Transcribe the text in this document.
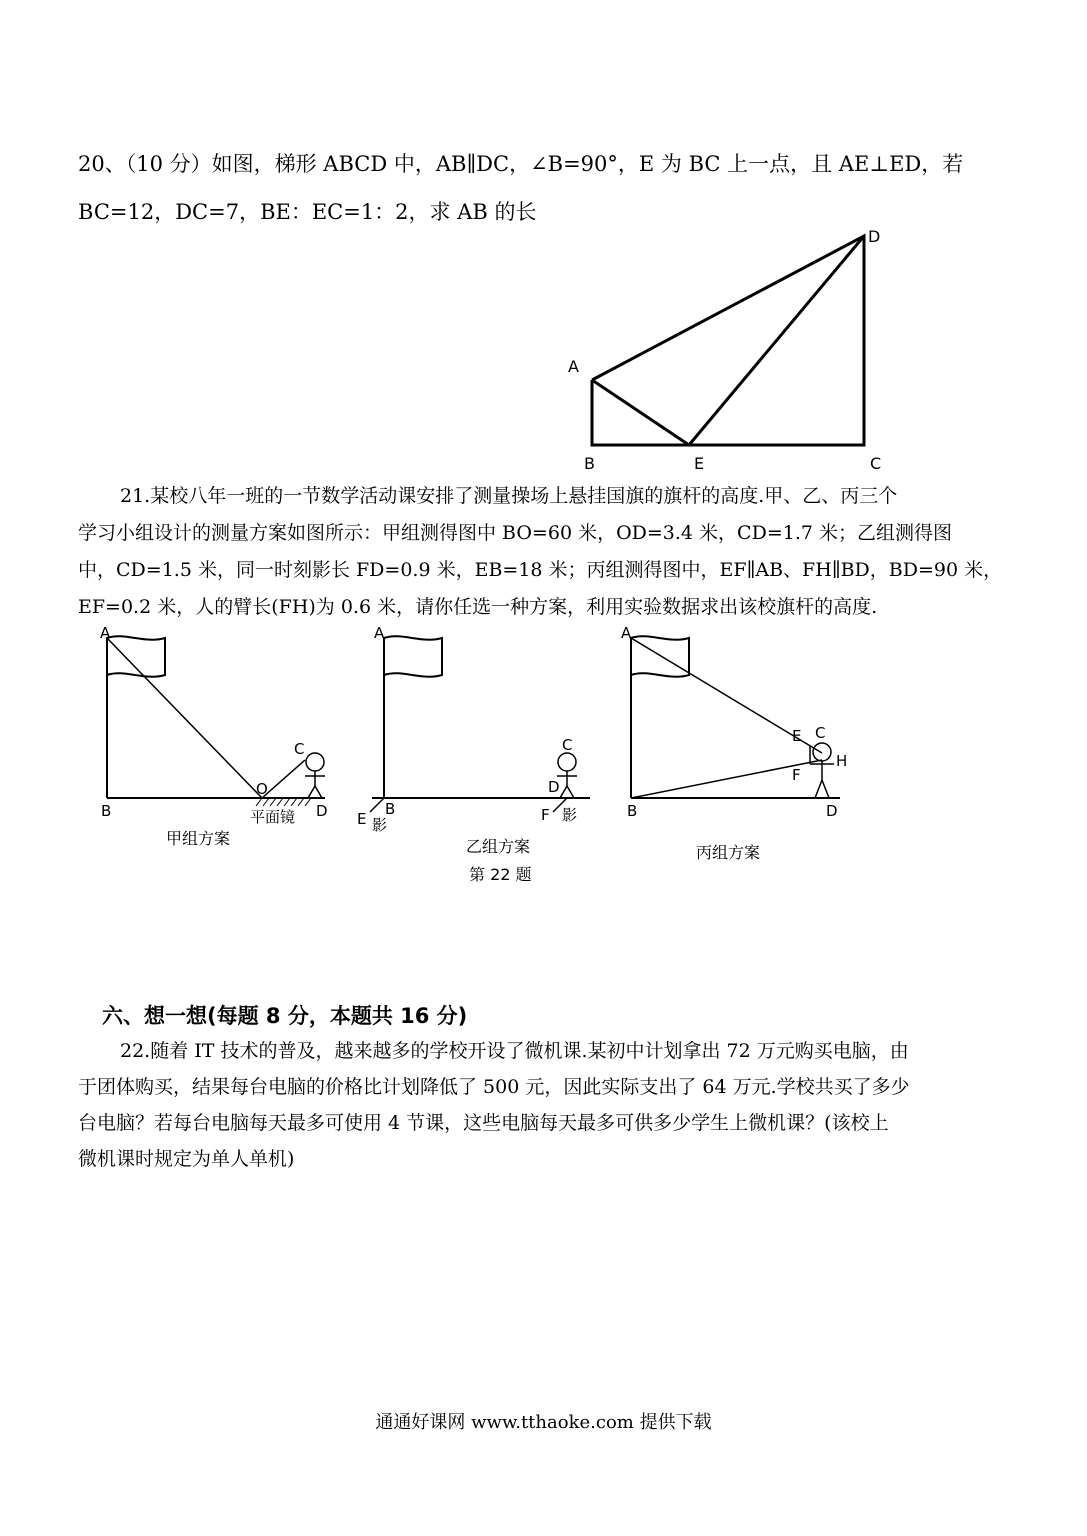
20、（10 分）如图，梯形 ABCD 中，AB∥DC，∠B=90°，E 为 BC 上一点，且 AE⊥ED，若
BC=12，DC=7，BE：EC=1：2，求 AB 的长
A
B	E	C
D

21.某校八年一班的一节数学活动课安排了测量操场上悬挂国旗的旗杆的高度.甲、乙、丙三个

学习小组设计的测量方案如图所示：甲组测得图中 BO=60 米，OD=3.4 米，CD=1.7 米；乙组测得图

中，CD=1.5 米，同一时刻影长 FD=0.9 米，EB=18 米；丙组测得图中，EF∥AB、FH∥BD，BD=90 米，

EF=0.2 米，人的臂长(FH)为 0.6 米，请你任选一种方案，利用实验数据求出该校旗杆的高度.

A
B
O
C
D
平面镜
甲组方案
A
B
E 影
C
D
F 影
乙组方案
第 22 题
A
B
E C
F
H
D
丙组方案
六、想一想(每题 8 分，本题共 16 分)

22.随着 IT 技术的普及，越来越多的学校开设了微机课.某初中计划拿出 72 万元购买电脑，由

于团体购买，结果每台电脑的价格比计划降低了 500 元，因此实际支出了 64 万元.学校共买了多少

台电脑？若每台电脑每天最多可使用 4 节课，这些电脑每天最多可供多少学生上微机课？(该校上

微机课时规定为单人单机)

通通好课网 www.tthaoke.com 提供下载
